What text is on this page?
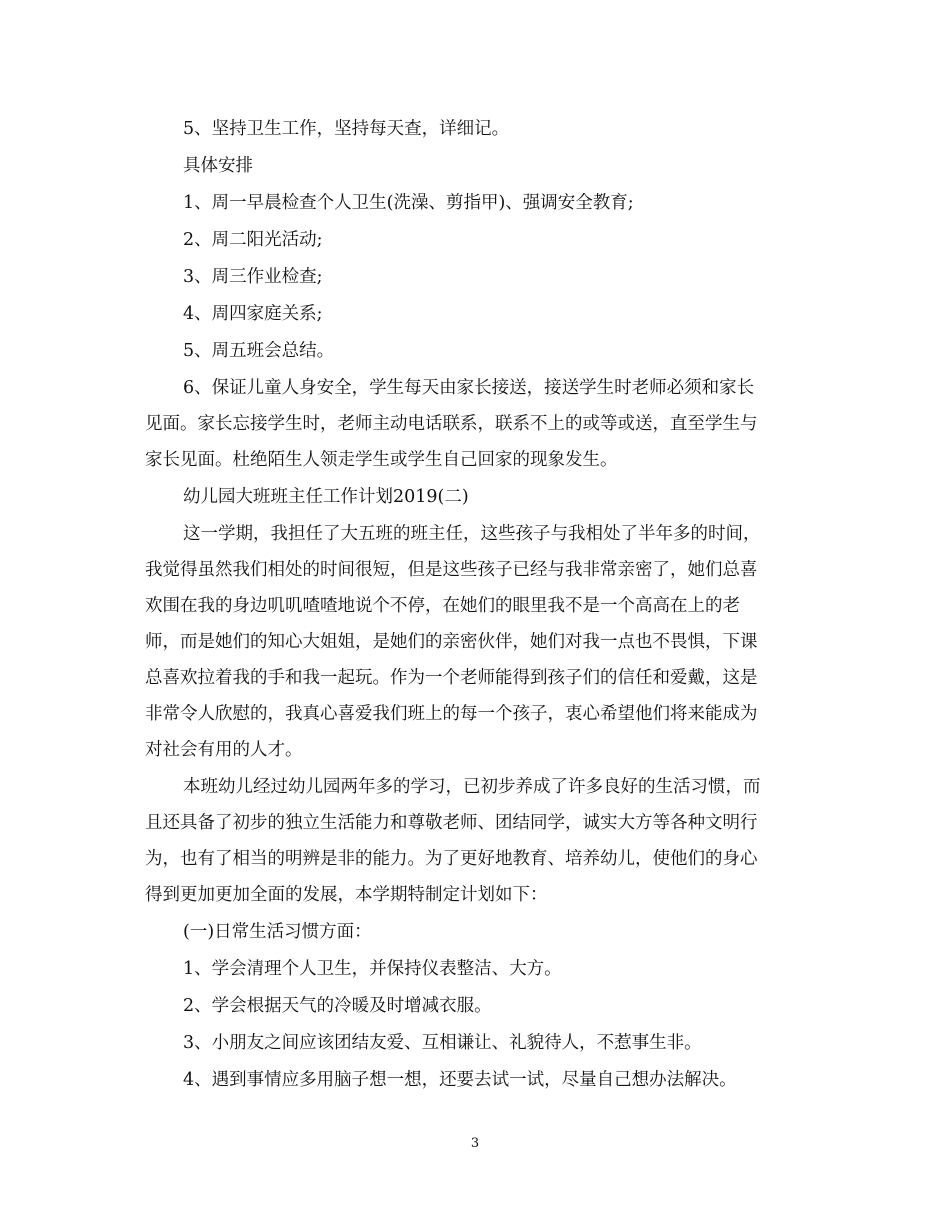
5、坚持卫生工作，坚持每天查，详细记。
具体安排
1、周一早晨检查个人卫生(洗澡、剪指甲)、强调安全教育;
2、周二阳光活动;
3、周三作业检查;
4、周四家庭关系;
5、周五班会总结。
6、保证儿童人身安全，学生每天由家长接送，接送学生时老师必须和家长
见面。家长忘接学生时，老师主动电话联系，联系不上的或等或送，直至学生与
家长见面。杜绝陌生人领走学生或学生自己回家的现象发生。
幼儿园大班班主任工作计划2019(二)
这一学期，我担任了大五班的班主任，这些孩子与我相处了半年多的时间，
我觉得虽然我们相处的时间很短，但是这些孩子已经与我非常亲密了，她们总喜
欢围在我的身边叽叽喳喳地说个不停，在她们的眼里我不是一个高高在上的老
师，而是她们的知心大姐姐，是她们的亲密伙伴，她们对我一点也不畏惧，下课
总喜欢拉着我的手和我一起玩。作为一个老师能得到孩子们的信任和爱戴，这是
非常令人欣慰的，我真心喜爱我们班上的每一个孩子，衷心希望他们将来能成为
对社会有用的人才。
本班幼儿经过幼儿园两年多的学习，已初步养成了许多良好的生活习惯，而
且还具备了初步的独立生活能力和尊敬老师、团结同学，诚实大方等各种文明行
为，也有了相当的明辨是非的能力。为了更好地教育、培养幼儿，使他们的身心
得到更加更加全面的发展，本学期特制定计划如下：
(一)日常生活习惯方面：
1、学会清理个人卫生，并保持仪表整洁、大方。
2、学会根据天气的冷暖及时增减衣服。
3、小朋友之间应该团结友爱、互相谦让、礼貌待人，不惹事生非。
4、遇到事情应多用脑子想一想，还要去试一试，尽量自己想办法解决。
3
